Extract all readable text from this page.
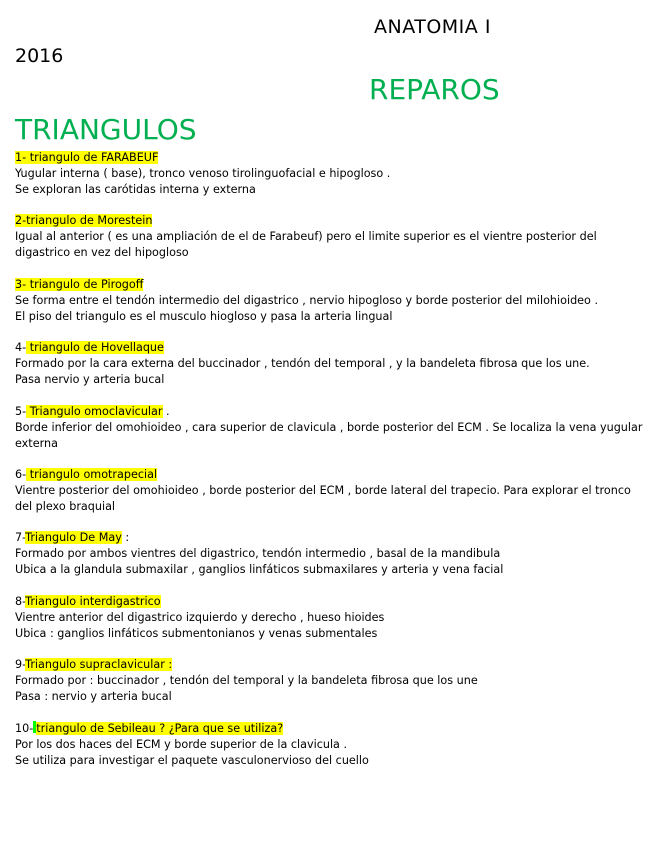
ANATOMIA I
2016
REPAROS
TRIANGULOS
1- triangulo de FARABEUF
Yugular interna ( base), tronco venoso tirolinguofacial e hipogloso .
Se exploran las carótidas interna y externa
2-triangulo de Morestein
Igual al anterior ( es una ampliación de el de Farabeuf) pero el limite superior es el vientre posterior del digastrico en vez del hipogloso
3- triangulo de Pirogoff
Se forma entre el tendón intermedio del digastrico , nervio hipogloso y borde posterior del milohioideo .
El piso del triangulo es el musculo hiogloso y pasa la arteria lingual
4- triangulo de Hovellaque
Formado por la cara externa del buccinador , tendón del temporal , y la bandeleta fibrosa que los une.
Pasa nervio y arteria bucal
5- Triangulo omoclavicular .
Borde inferior del omohioideo , cara superior de clavicula , borde posterior del ECM . Se localiza la vena yugular externa
6- triangulo omotrapecial
Vientre posterior del omohioideo , borde posterior del ECM , borde lateral del trapecio. Para explorar el tronco del plexo braquial
7-Triangulo De May :
Formado por ambos vientres del digastrico, tendón intermedio , basal de la mandibula
Ubica a la glandula submaxilar , ganglios linfáticos submaxilares y arteria y vena facial
8-Triangulo interdigastrico
Vientre anterior del digastrico izquierdo y derecho , hueso hioides
Ubica : ganglios linfáticos submentonianos y venas submentales
9-Triangulo supraclavicular :
Formado por : buccinador , tendón del temporal y la bandeleta fibrosa que los une
Pasa : nervio y arteria bucal
10- triangulo de Sebileau ? ¿Para que se utiliza?
Por los dos haces del ECM y borde superior de la clavicula .
Se utiliza para investigar el paquete vasculonervioso del cuello
